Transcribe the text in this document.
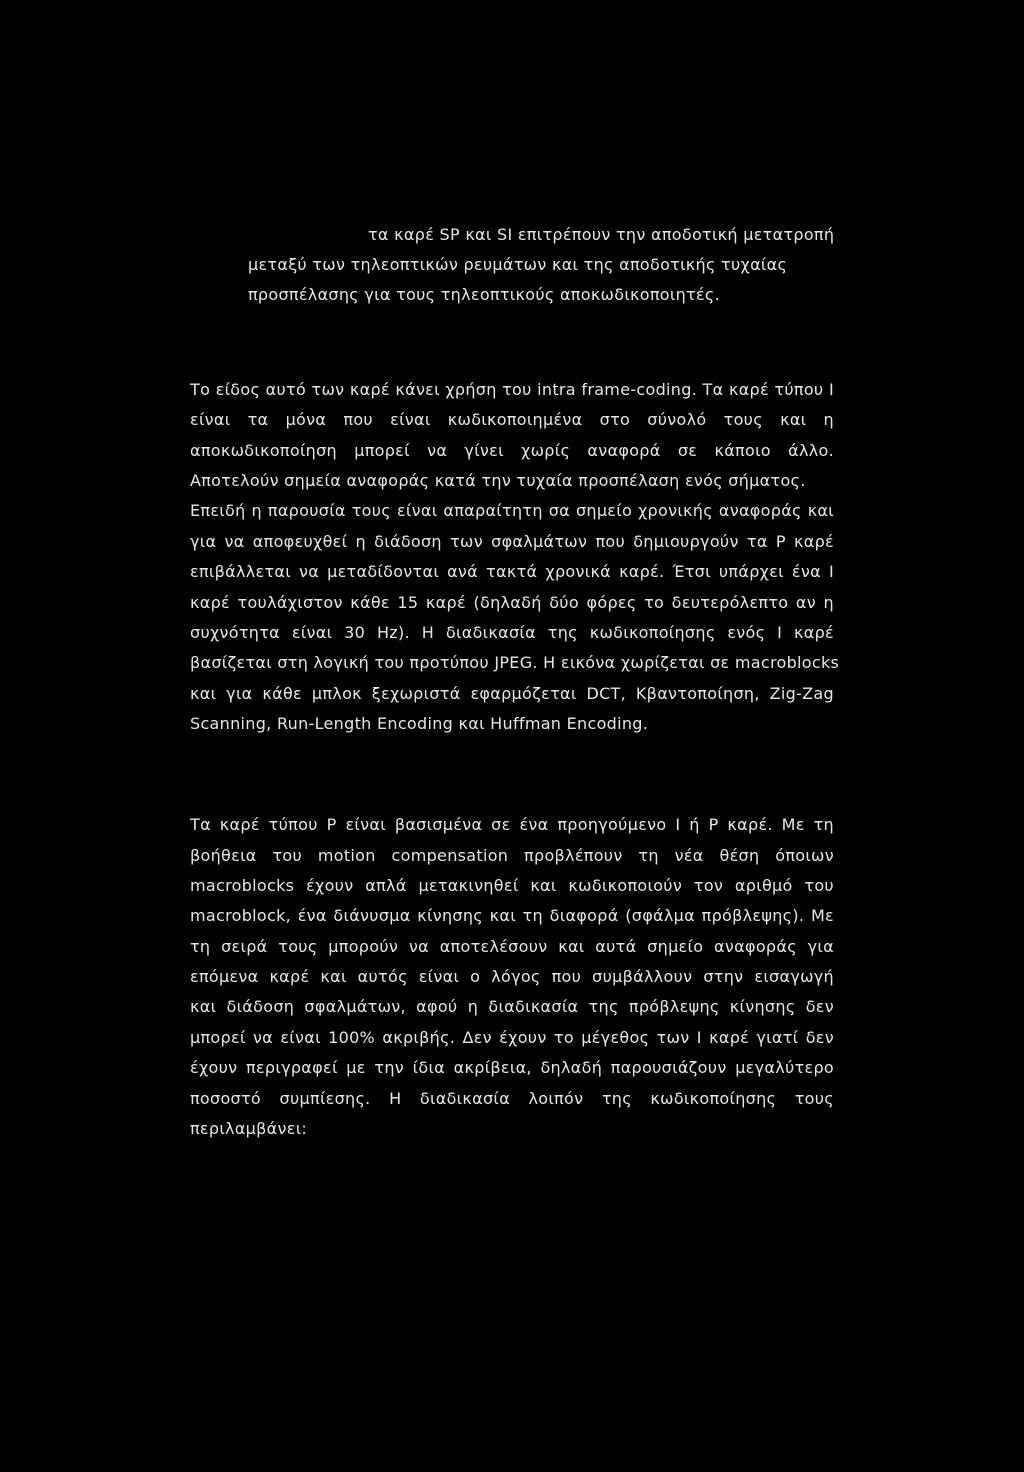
τα καρέ SP και SI επιτρέπουν την αποδοτική μετατροπή
μεταξύ των τηλεοπτικών ρευμάτων και της αποδοτικής τυχαίας
προσπέλασης για τους τηλεοπτικούς αποκωδικοποιητές.
Το είδος αυτό των καρέ κάνει χρήση του intra frame-coding. Τα καρέ τύπου I
είναι τα μόνα που είναι κωδικοποιημένα στο σύνολό τους και η
αποκωδικοποίηση μπορεί να γίνει χωρίς αναφορά σε κάποιο άλλο.
Αποτελούν σημεία αναφοράς κατά την τυχαία προσπέλαση ενός σήματος.
Επειδή η παρουσία τους είναι απαραίτητη σα σημείο χρονικής αναφοράς και
για να αποφευχθεί η διάδοση των σφαλμάτων που δημιουργούν τα P καρέ
επιβάλλεται να μεταδίδονται ανά τακτά χρονικά καρέ. Έτσι υπάρχει ένα I
καρέ τουλάχιστον κάθε 15 καρέ (δηλαδή δύο φόρες το δευτερόλεπτο αν η
συχνότητα είναι 30 Hz). Η διαδικασία της κωδικοποίησης ενός I καρέ
βασίζεται στη λογική του προτύπου JPEG. Η εικόνα χωρίζεται σε macroblocks
και για κάθε μπλοκ ξεχωριστά εφαρμόζεται DCT, Κβαντοποίηση, Zig-Zag
Scanning, Run-Length Encoding και Huffman Encoding.
Τα καρέ τύπου P είναι βασισμένα σε ένα προηγούμενο I ή P καρέ. Με τη
βοήθεια του motion compensation προβλέπουν τη νέα θέση όποιων
macroblocks έχουν απλά μετακινηθεί και κωδικοποιούν τον αριθμό του
macroblock, ένα διάνυσμα κίνησης και τη διαφορά (σφάλμα πρόβλεψης). Με
τη σειρά τους μπορούν να αποτελέσουν και αυτά σημείο αναφοράς για
επόμενα καρέ και αυτός είναι ο λόγος που συμβάλλουν στην εισαγωγή
και διάδοση σφαλμάτων, αφού η διαδικασία της πρόβλεψης κίνησης δεν
μπορεί να είναι 100% ακριβής. Δεν έχουν το μέγεθος των I καρέ γιατί δεν
έχουν περιγραφεί με την ίδια ακρίβεια, δηλαδή παρουσιάζουν μεγαλύτερο
ποσοστό συμπίεσης. Η διαδικασία λοιπόν της κωδικοποίησης τους
περιλαμβάνει:
